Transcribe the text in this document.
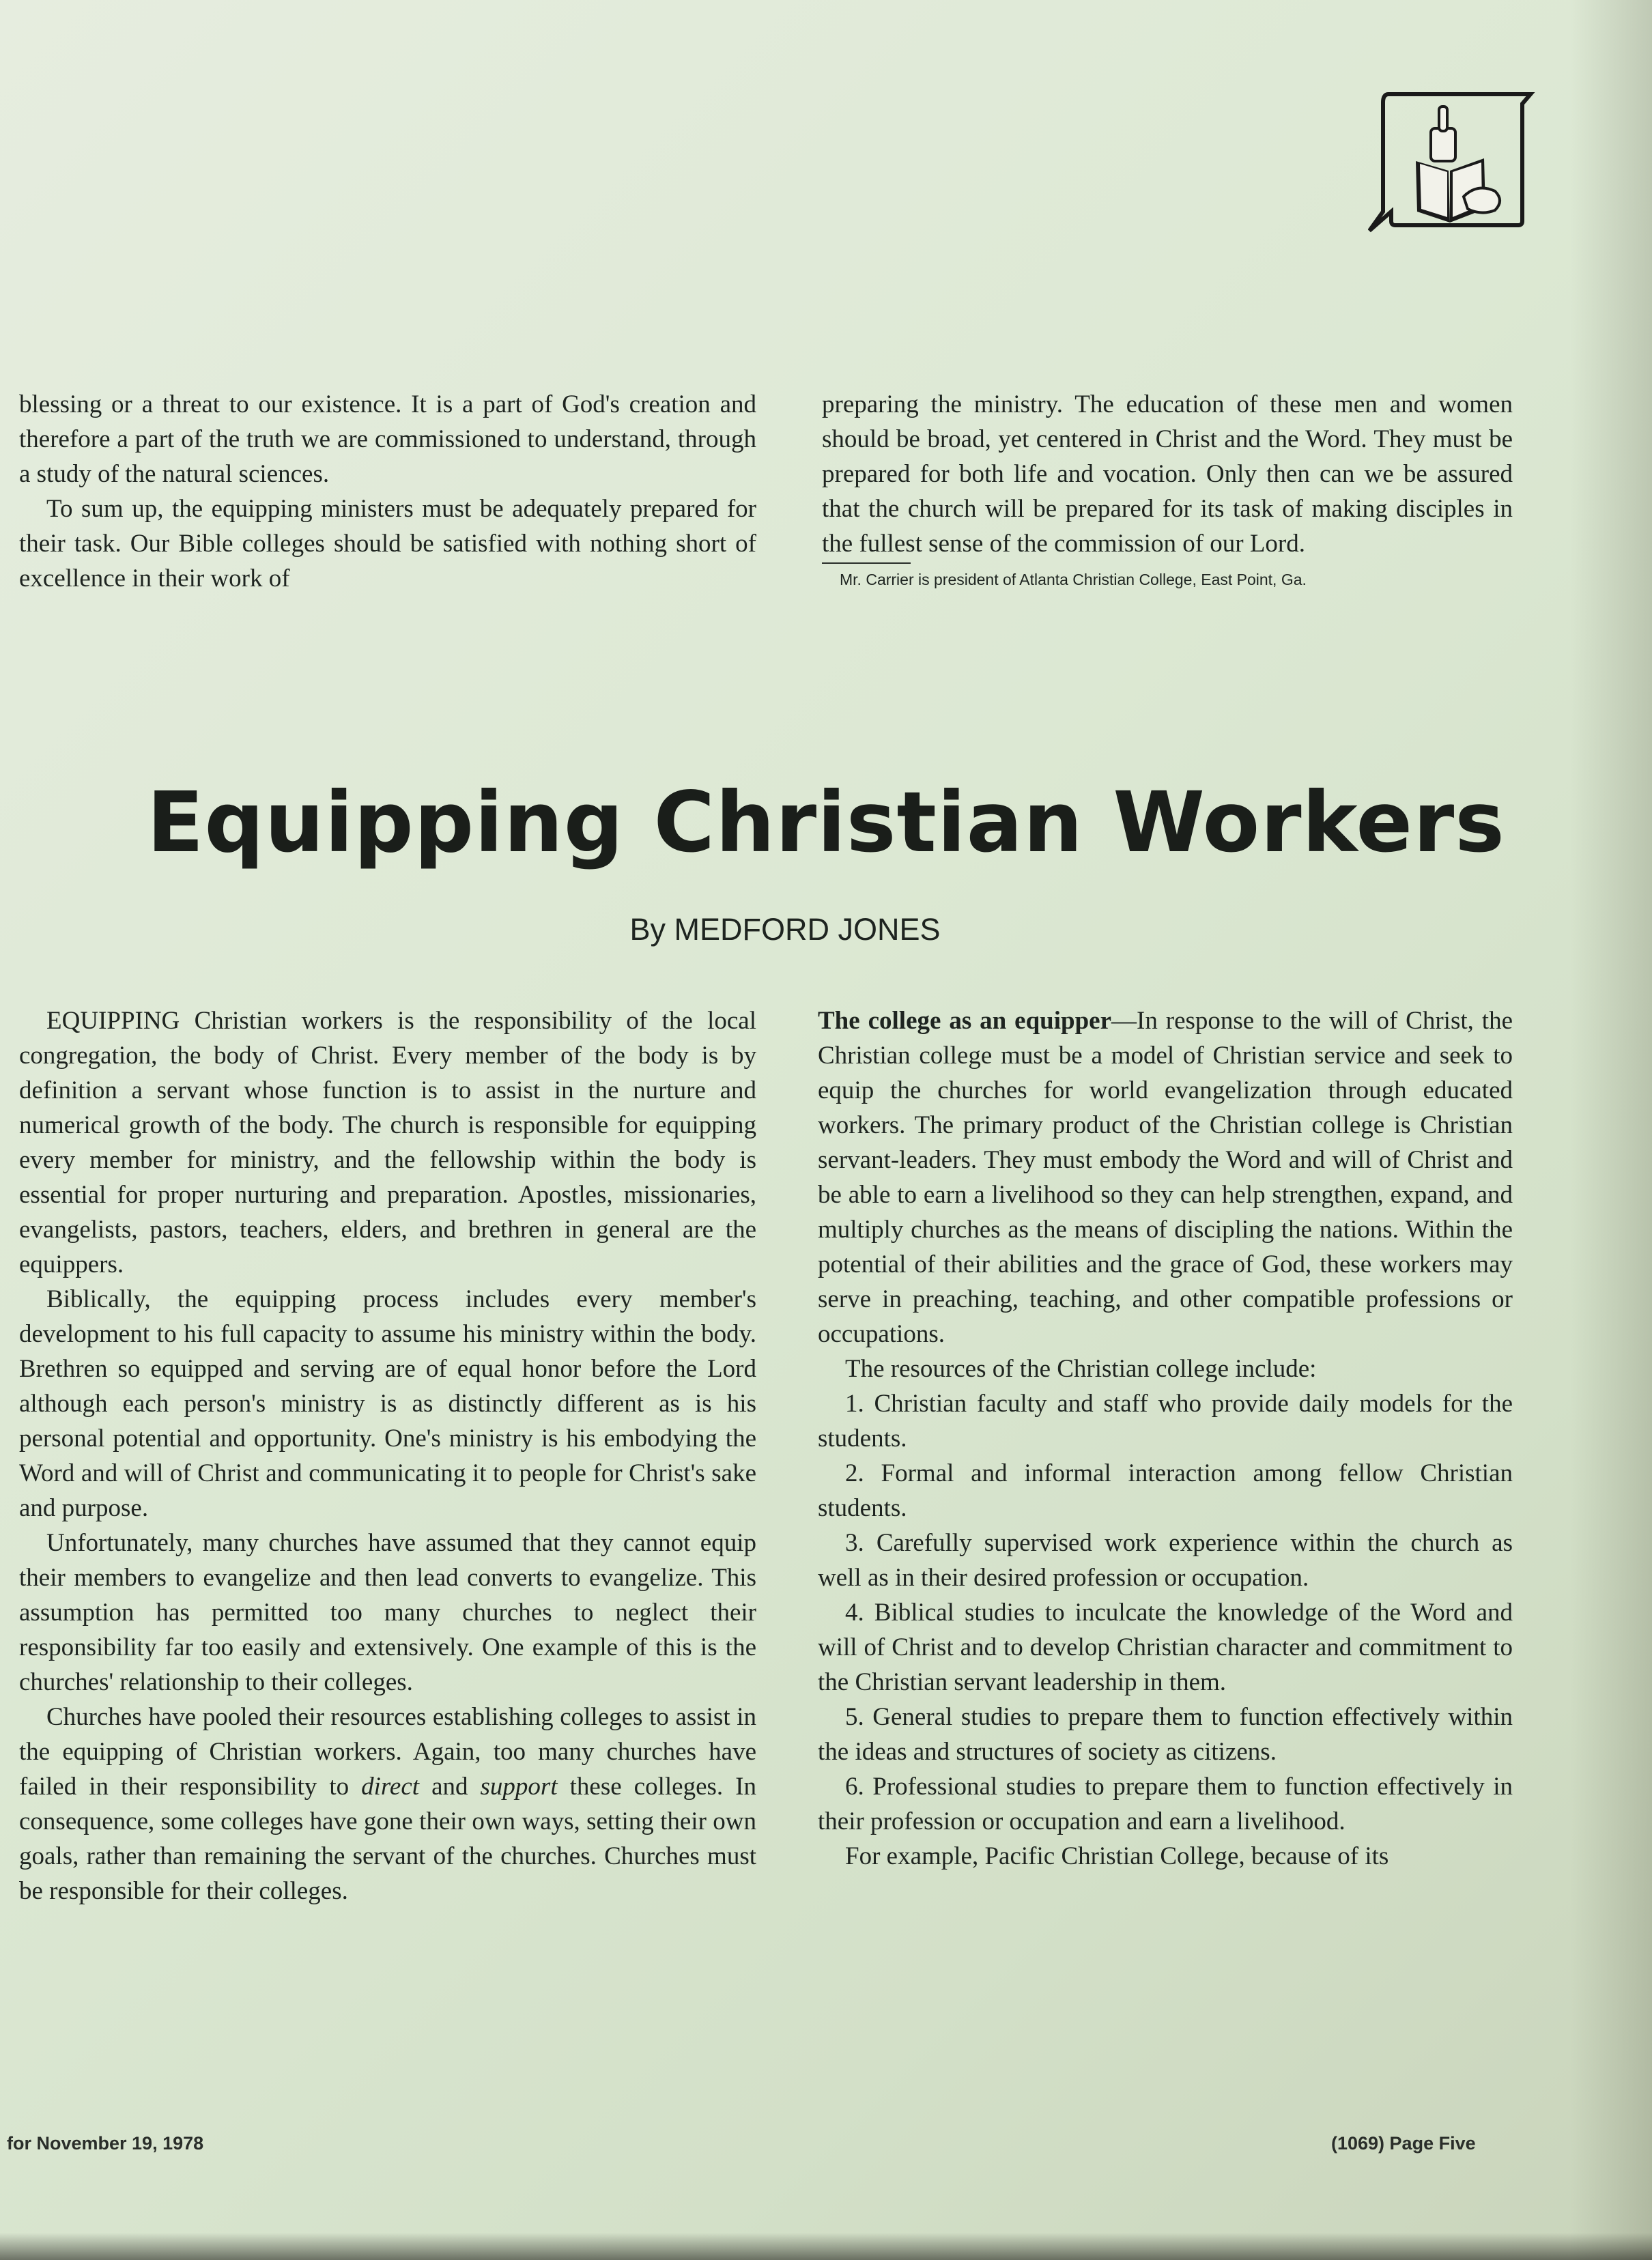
blessing or a threat to our existence. It is a part of God's creation and therefore a part of the truth we are commissioned to understand, through a study of the natural sciences.

To sum up, the equipping ministers must be adequately prepared for their task. Our Bible colleges should be satisfied with nothing short of excellence in their work of

preparing the ministry. The education of these men and women should be broad, yet centered in Christ and the Word. They must be prepared for both life and vocation. Only then can we be assured that the church will be prepared for its task of making disciples in the fullest sense of the commission of our Lord.

Mr. Carrier is president of Atlanta Christian College, East Point, Ga.
Equipping Christian Workers
By MEDFORD JONES

EQUIPPING Christian workers is the responsibility of the local congregation, the body of Christ. Every member of the body is by definition a servant whose function is to assist in the nurture and numerical growth of the body. The church is responsible for equipping every member for ministry, and the fellowship within the body is essential for proper nurturing and preparation. Apostles, missionaries, evangelists, pastors, teachers, elders, and brethren in general are the equippers.

Biblically, the equipping process includes every member's development to his full capacity to assume his ministry within the body. Brethren so equipped and serving are of equal honor before the Lord although each person's ministry is as distinctly different as is his personal potential and opportunity. One's ministry is his embodying the Word and will of Christ and communicating it to people for Christ's sake and purpose.

Unfortunately, many churches have assumed that they cannot equip their members to evangelize and then lead converts to evangelize. This assumption has permitted too many churches to neglect their responsibility far too easily and extensively. One example of this is the churches' relationship to their colleges.

Churches have pooled their resources establishing colleges to assist in the equipping of Christian workers. Again, too many churches have failed in their responsibility to direct and support these colleges. In consequence, some colleges have gone their own ways, setting their own goals, rather than remaining the servant of the churches. Churches must be responsible for their colleges.

The college as an equipper—In response to the will of Christ, the Christian college must be a model of Christian service and seek to equip the churches for world evangelization through educated workers. The primary product of the Christian college is Christian servant-leaders. They must embody the Word and will of Christ and be able to earn a livelihood so they can help strengthen, expand, and multiply churches as the means of discipling the nations. Within the potential of their abilities and the grace of God, these workers may serve in preaching, teaching, and other compatible professions or occupations.

The resources of the Christian college include:

1. Christian faculty and staff who provide daily models for the students.

2. Formal and informal interaction among fellow Christian students.

3. Carefully supervised work experience within the church as well as in their desired profession or occupation.

4. Biblical studies to inculcate the knowledge of the Word and will of Christ and to develop Christian character and commitment to the Christian servant leadership in them.

5. General studies to prepare them to function effectively within the ideas and structures of society as citizens.

6. Professional studies to prepare them to function effectively in their profession or occupation and earn a livelihood.

For example, Pacific Christian College, because of its

for November 19, 1978	(1069) Page Five
